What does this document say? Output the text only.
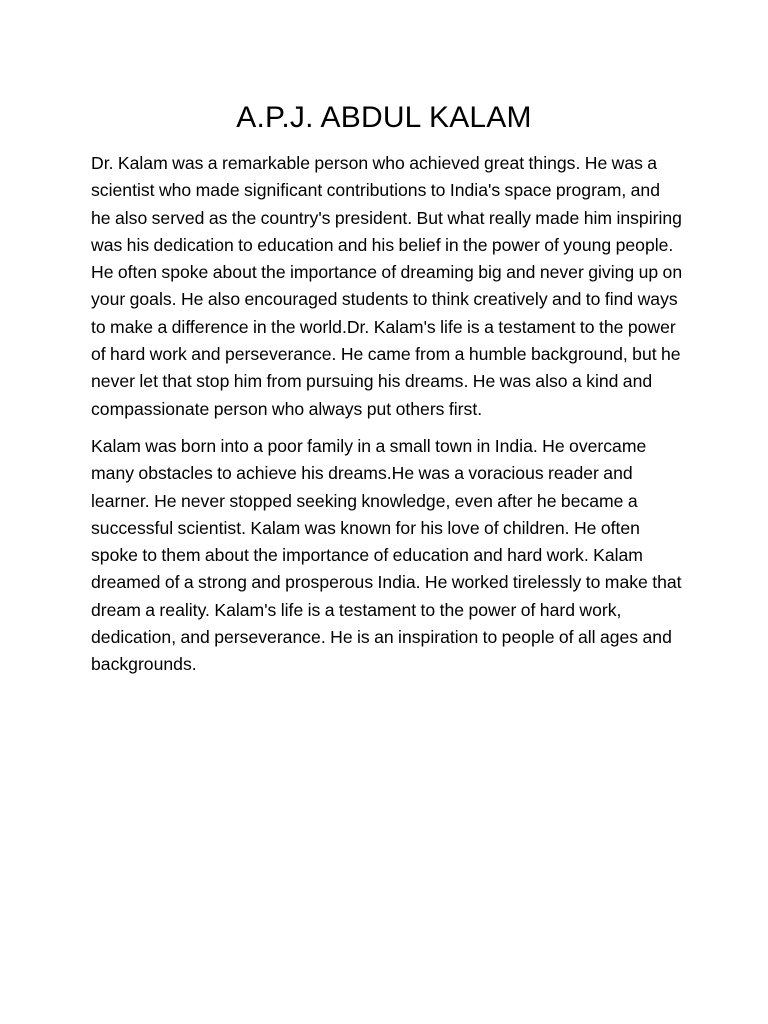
A.P.J. ABDUL KALAM

Dr. Kalam was a remarkable person who achieved great things. He was a scientist who made significant contributions to India's space program, and he also served as the country's president. But what really made him inspiring was his dedication to education and his belief in the power of young people. He often spoke about the importance of dreaming big and never giving up on your goals. He also encouraged students to think creatively and to find ways to make a difference in the world.Dr. Kalam's life is a testament to the power of hard work and perseverance. He came from a humble background, but he never let that stop him from pursuing his dreams. He was also a kind and compassionate person who always put others first.

Kalam was born into a poor family in a small town in India. He overcame many obstacles to achieve his dreams.He was a voracious reader and learner. He never stopped seeking knowledge, even after he became a successful scientist. Kalam was known for his love of children. He often spoke to them about the importance of education and hard work. Kalam dreamed of a strong and prosperous India. He worked tirelessly to make that dream a reality. Kalam's life is a testament to the power of hard work, dedication, and perseverance. He is an inspiration to people of all ages and backgrounds.
